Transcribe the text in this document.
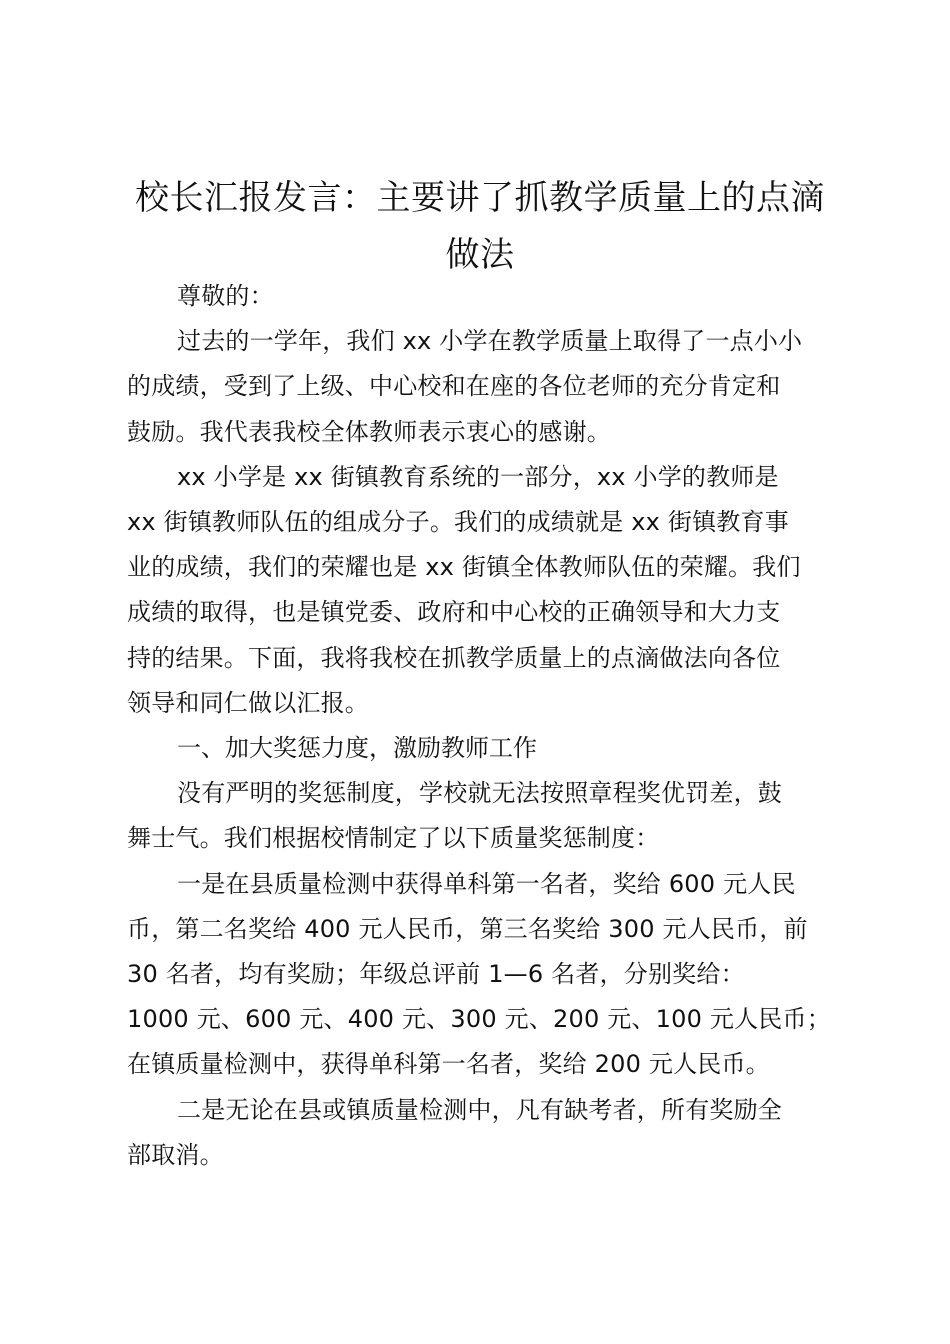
校长汇报发言：主要讲了抓教学质量上的点滴
做法

尊敬的：

过去的一学年，我们 xx 小学在教学质量上取得了一点小小
的成绩，受到了上级、中心校和在座的各位老师的充分肯定和
鼓励。我代表我校全体教师表示衷心的感谢。

xx 小学是 xx 街镇教育系统的一部分，xx 小学的教师是
xx 街镇教师队伍的组成分子。我们的成绩就是 xx 街镇教育事
业的成绩，我们的荣耀也是 xx 街镇全体教师队伍的荣耀。我们
成绩的取得，也是镇党委、政府和中心校的正确领导和大力支
持的结果。下面，我将我校在抓教学质量上的点滴做法向各位
领导和同仁做以汇报。

一、加大奖惩力度，激励教师工作

没有严明的奖惩制度，学校就无法按照章程奖优罚差，鼓
舞士气。我们根据校情制定了以下质量奖惩制度：

一是在县质量检测中获得单科第一名者，奖给 600 元人民
币，第二名奖给 400 元人民币，第三名奖给 300 元人民币，前
30 名者，均有奖励；年级总评前 1—6 名者，分别奖给：
1000 元、600 元、400 元、300 元、200 元、100 元人民币；
在镇质量检测中，获得单科第一名者，奖给 200 元人民币。

二是无论在县或镇质量检测中，凡有缺考者，所有奖励全
部取消。
